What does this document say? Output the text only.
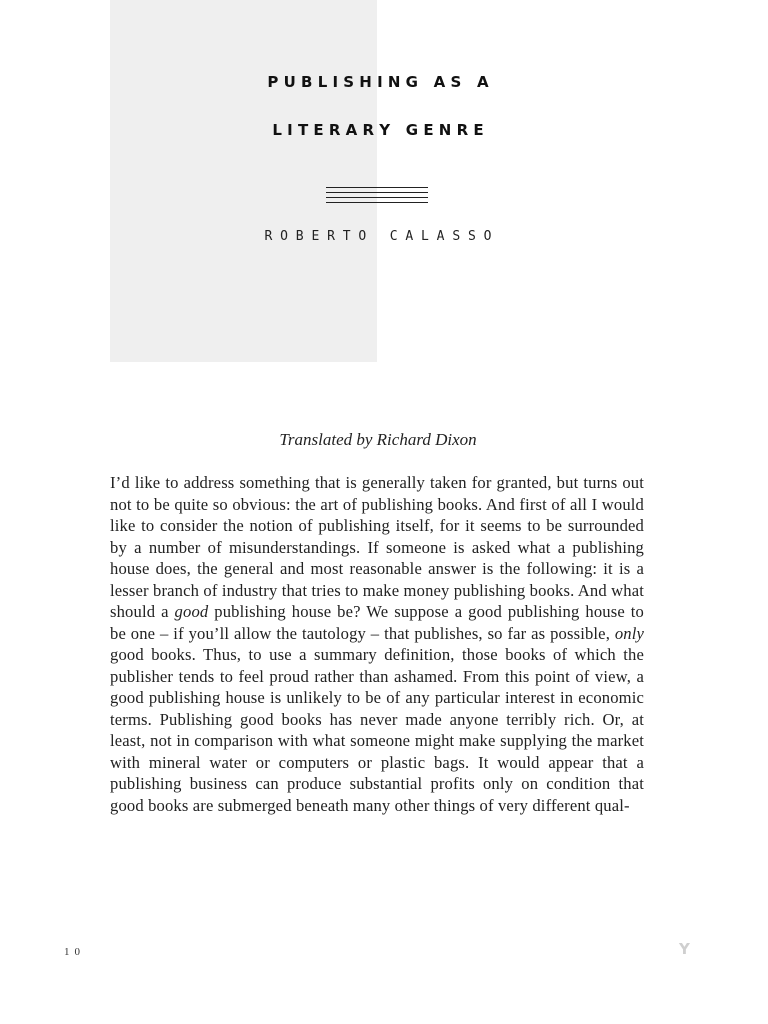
P U B L I S H I N G   A S   A
L I T E R A R Y   G E N R E
R O B E R T O   C A L A S S O
Translated by Richard Dixon

I’d like to address something that is generally taken for granted, but turns out not to be quite so obvious: the art of publishing books. And first of all I would like to consider the notion of publishing itself, for it seems to be surrounded by a number of misunderstandings. If someone is asked what a publishing house does, the general and most reasonable answer is the following: it is a lesser branch of industry that tries to make money publishing books. And what should a good publishing house be? We suppose a good publishing house to be one – if you’ll allow the tautology – that publishes, so far as possible, only good books. Thus, to use a summary definition, those books of which the publisher tends to feel proud rather than ashamed. From this point of view, a good publishing house is unlikely to be of any particular interest in economic terms. Publishing good books has never made anyone terribly rich. Or, at least, not in comparison with what someone might make supplying the market with mineral water or computers or plastic bags. It would appear that a publishing business can produce substantial profits only on condition that good books are submerged beneath many other things of very different qual-

10	Y
